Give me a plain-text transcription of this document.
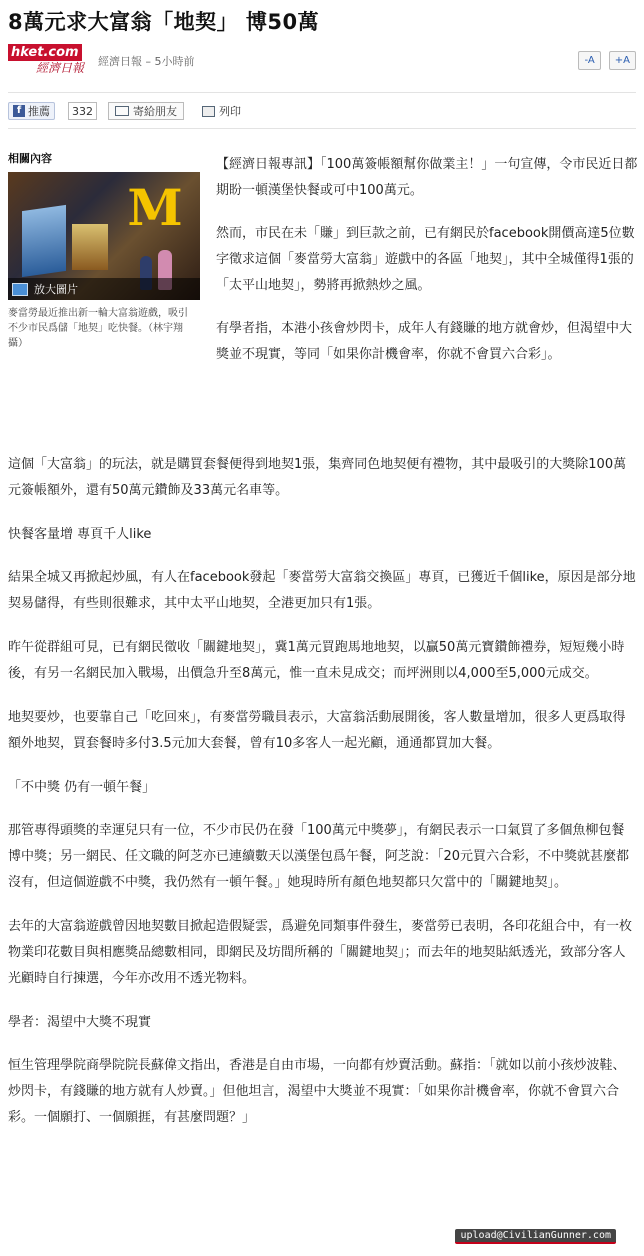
8萬元求大富翁「地契」 博50萬
hket.com
經濟日報 經濟日報 – 5小時前	-A +A
f 推薦	332	寄給朋友	列印
相關內容
M
放大圖片
麥當勞最近推出新一輪大富翁遊戲，吸引不少市民爲儲「地契」吃快餐。（林宇翔攝）

【經濟日報專訊】「100萬簽帳額幫你做業主！」一句宣傳，令市民近日都期盼一頓漢堡快餐或可中100萬元。

然而，市民在未「賺」到巨款之前，已有網民於facebook開價高達5位數字徵求這個「麥當勞大富翁」遊戲中的各區「地契」，其中全城僅得1張的「太平山地契」，勢將再掀熱炒之風。

有學者指，本港小孩會炒閃卡，成年人有錢賺的地方就會炒，但渴望中大獎並不現實，等同「如果你計機會率，你就不會買六合彩」。

這個「大富翁」的玩法，就是購買套餐便得到地契1張，集齊同色地契便有禮物，其中最吸引的大獎除100萬元簽帳額外，還有50萬元鑽飾及33萬元名車等。

快餐客量增 專頁千人like

結果全城又再掀起炒風，有人在facebook發起「麥當勞大富翁交換區」專頁，已獲近千個like，原因是部分地契易儲得，有些則很難求，其中太平山地契，全港更加只有1張。

昨午從群組可見，已有網民徵收「關鍵地契」，冀1萬元買跑馬地地契，以贏50萬元寶鑽飾禮券，短短幾小時後，有另一名網民加入戰場，出價急升至8萬元，惟一直未見成交；而坪洲則以4,000至5,000元成交。

地契要炒，也要靠自己「吃回來」，有麥當勞職員表示，大富翁活動展開後，客人數量增加，很多人更爲取得額外地契，買套餐時多付3.5元加大套餐，曾有10多客人一起光顧，通通都買加大餐。

「不中獎 仍有一頓午餐」

那管專得頭獎的幸運兒只有一位，不少市民仍在發「100萬元中獎夢」，有網民表示一口氣買了多個魚柳包餐博中獎；另一網民、任文職的阿芝亦已連續數天以漢堡包爲午餐，阿芝說：「20元買六合彩，不中獎就甚麼都沒有，但這個遊戲不中獎，我仍然有一頓午餐。」她現時所有顏色地契都只欠當中的「關鍵地契」。

去年的大富翁遊戲曾因地契數目掀起造假疑雲，爲避免同類事件發生，麥當勞已表明，各印花組合中，有一枚物業印花數目與相應獎品總數相同，即網民及坊間所稱的「關鍵地契」；而去年的地契貼紙透光，致部分客人光顧時自行揀選，今年亦改用不透光物料。

學者：渴望中大獎不現實

恒生管理學院商學院院長蘇偉文指出，香港是自由市場，一向都有炒賣活動。蘇指：「就如以前小孩炒波鞋、炒閃卡，有錢賺的地方就有人炒賣。」但他坦言，渴望中大獎並不現實：「如果你計機會率，你就不會買六合彩。一個願打、一個願捱，有甚麼問題？」

upload@CivilianGunner.com
